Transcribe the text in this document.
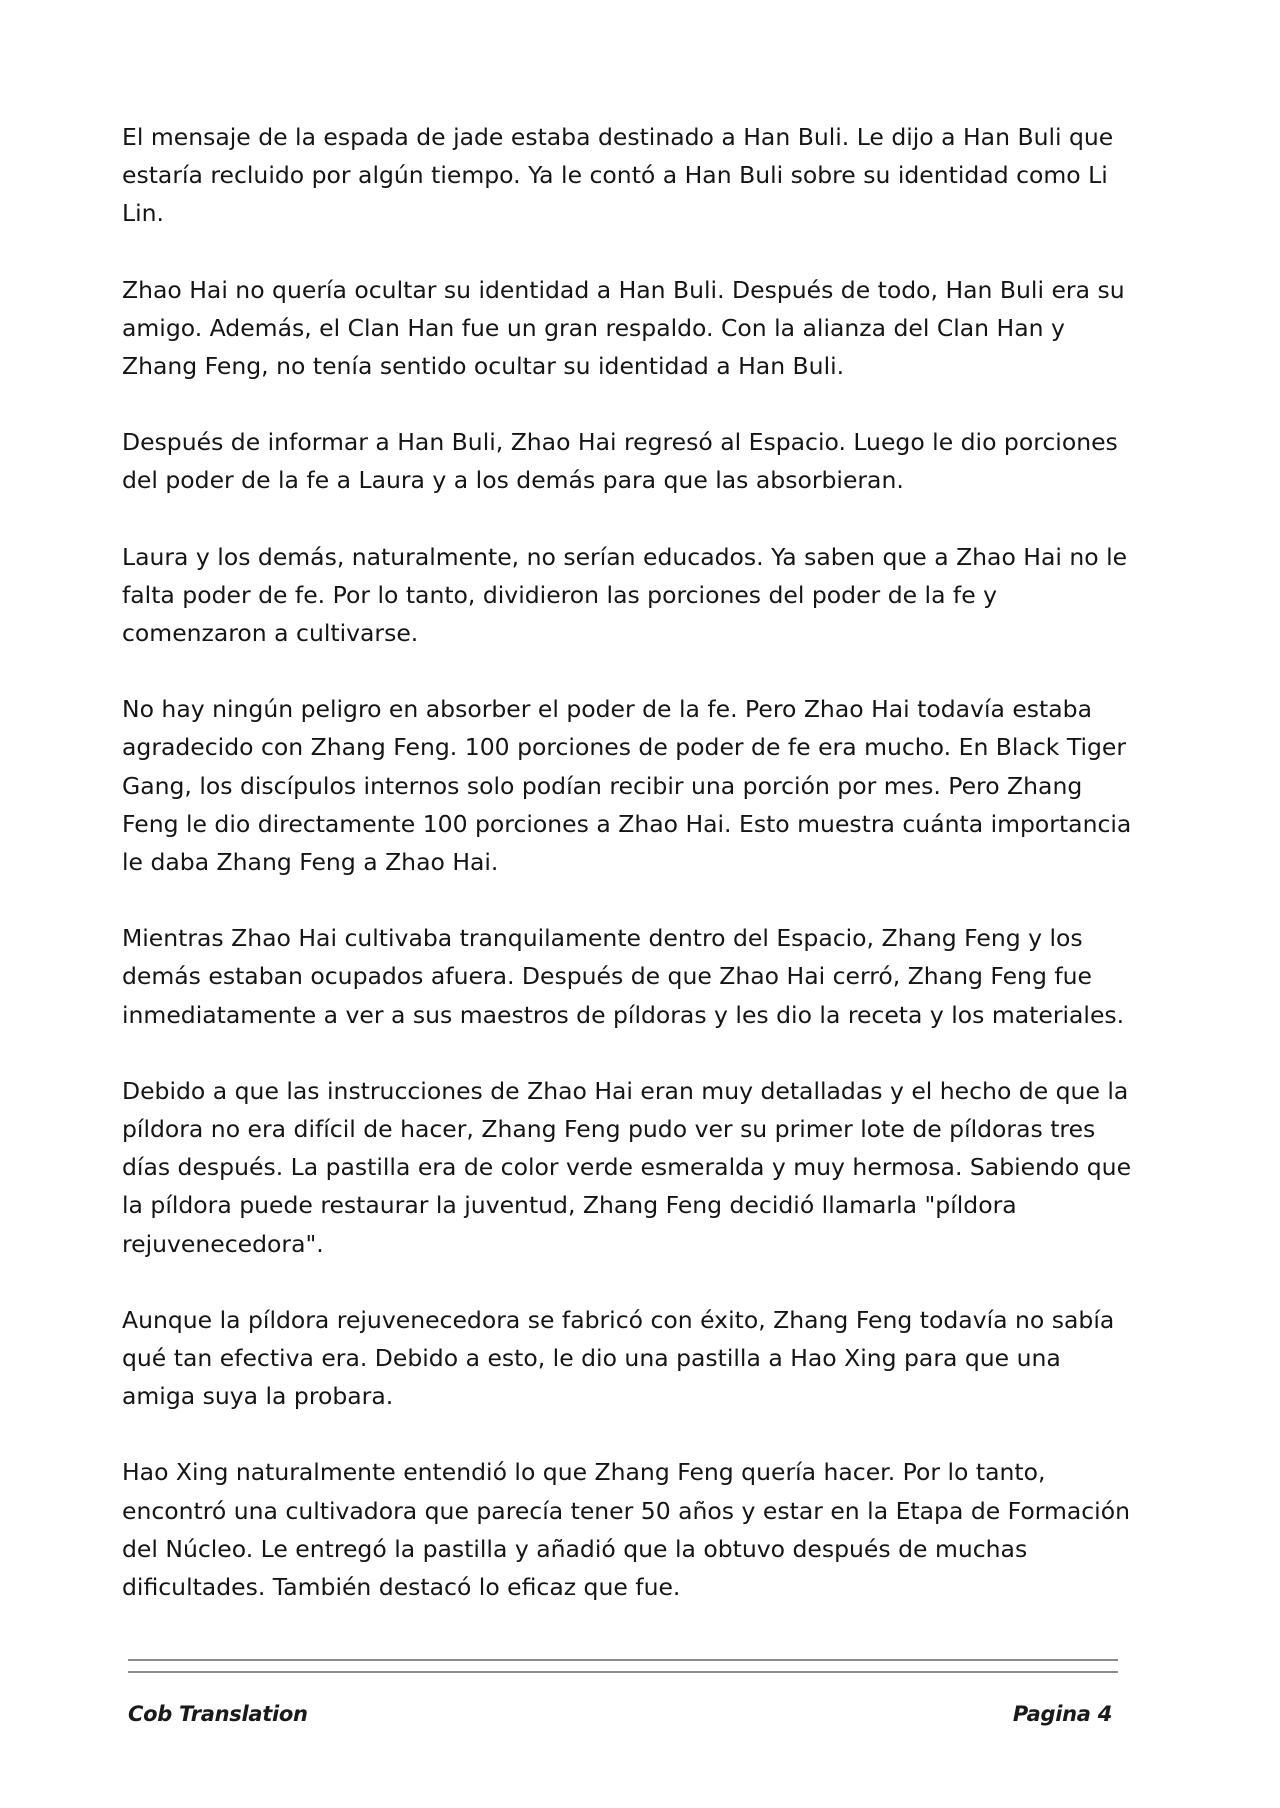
El mensaje de la espada de jade estaba destinado a Han Buli. Le dijo a Han Buli que estaría recluido por algún tiempo. Ya le contó a Han Buli sobre su identidad como Li Lin.

Zhao Hai no quería ocultar su identidad a Han Buli. Después de todo, Han Buli era su amigo. Además, el Clan Han fue un gran respaldo. Con la alianza del Clan Han y Zhang Feng, no tenía sentido ocultar su identidad a Han Buli.

Después de informar a Han Buli, Zhao Hai regresó al Espacio. Luego le dio porciones del poder de la fe a Laura y a los demás para que las absorbieran.

Laura y los demás, naturalmente, no serían educados. Ya saben que a Zhao Hai no le falta poder de fe. Por lo tanto, dividieron las porciones del poder de la fe y comenzaron a cultivarse.

No hay ningún peligro en absorber el poder de la fe. Pero Zhao Hai todavía estaba agradecido con Zhang Feng. 100 porciones de poder de fe era mucho. En Black Tiger Gang, los discípulos internos solo podían recibir una porción por mes. Pero Zhang Feng le dio directamente 100 porciones a Zhao Hai. Esto muestra cuánta importancia le daba Zhang Feng a Zhao Hai.

Mientras Zhao Hai cultivaba tranquilamente dentro del Espacio, Zhang Feng y los demás estaban ocupados afuera. Después de que Zhao Hai cerró, Zhang Feng fue inmediatamente a ver a sus maestros de píldoras y les dio la receta y los materiales.

Debido a que las instrucciones de Zhao Hai eran muy detalladas y el hecho de que la píldora no era difícil de hacer, Zhang Feng pudo ver su primer lote de píldoras tres días después. La pastilla era de color verde esmeralda y muy hermosa. Sabiendo que la píldora puede restaurar la juventud, Zhang Feng decidió llamarla "píldora rejuvenecedora".

Aunque la píldora rejuvenecedora se fabricó con éxito, Zhang Feng todavía no sabía qué tan efectiva era. Debido a esto, le dio una pastilla a Hao Xing para que una amiga suya la probara.

Hao Xing naturalmente entendió lo que Zhang Feng quería hacer. Por lo tanto, encontró una cultivadora que parecía tener 50 años y estar en la Etapa de Formación del Núcleo. Le entregó la pastilla y añadió que la obtuvo después de muchas dificultades. También destacó lo eficaz que fue.

Cob Translation	Pagina 4
